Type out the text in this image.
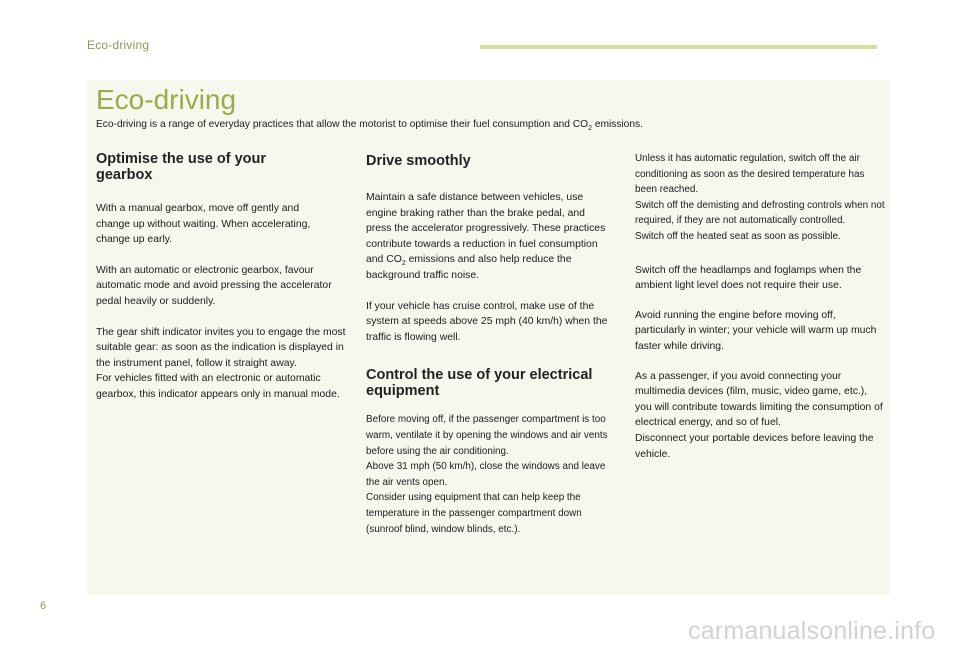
Eco-driving
Eco-driving
Eco-driving is a range of everyday practices that allow the motorist to optimise their fuel consumption and $CO_2$ emissions.
Optimise the use of your gearbox

With a manual gearbox, move off gently and change up without waiting. When accelerating, change up early.

With an automatic or electronic gearbox, favour automatic mode and avoid pressing the accelerator pedal heavily or suddenly.

The gear shift indicator invites you to engage the most suitable gear: as soon as the indication is displayed in the instrument panel, follow it straight away.

For vehicles fitted with an electronic or automatic gearbox, this indicator appears only in manual mode.

Drive smoothly

Maintain a safe distance between vehicles, use engine braking rather than the brake pedal, and press the accelerator progressively. These practices contribute towards a reduction in fuel consumption and $CO_2$ emissions and also help reduce the background traffic noise.

If your vehicle has cruise control, make use of the system at speeds above 25 mph (40 km/h) when the traffic is flowing well.

Control the use of your electrical equipment

Before moving off, if the passenger compartment is too warm, ventilate it by opening the windows and air vents before using the air conditioning.

Above 31 mph (50 km/h), close the windows and leave the air vents open.

Consider using equipment that can help keep the temperature in the passenger compartment down (sunroof blind, window blinds, etc.).

Unless it has automatic regulation, switch off the air conditioning as soon as the desired temperature has been reached.

Switch off the demisting and defrosting controls when not required, if they are not automatically controlled.

Switch off the heated seat as soon as possible.

Switch off the headlamps and foglamps when the ambient light level does not require their use.

Avoid running the engine before moving off, particularly in winter; your vehicle will warm up much faster while driving.

As a passenger, if you avoid connecting your multimedia devices (film, music, video game, etc.), you will contribute towards limiting the consumption of electrical energy, and so of fuel.

Disconnect your portable devices before leaving the vehicle.

6
carmanualsonline.info
